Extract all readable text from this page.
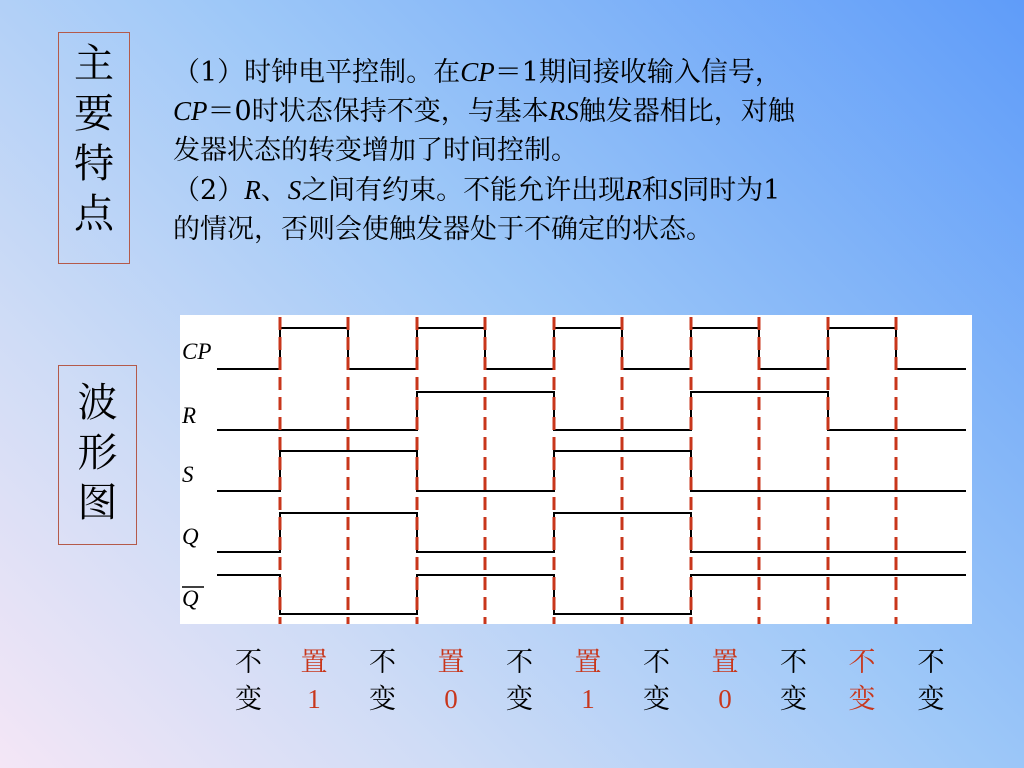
主
要
特
点
（1）时钟电平控制。在CP＝1期间接收输入信号，
CP＝0时状态保持不变，与基本RS触发器相比，对触
发器状态的转变增加了时间控制。
（2）R、S之间有约束。不能允许出现R和S同时为1
的情况，否则会使触发器处于不确定的状态。
波
形
图
CP
R
S
Q
Q
不
变
置
1
不
变
置
0
不
变
置
1
不
变
置
0
不
变
不
变
不
变
